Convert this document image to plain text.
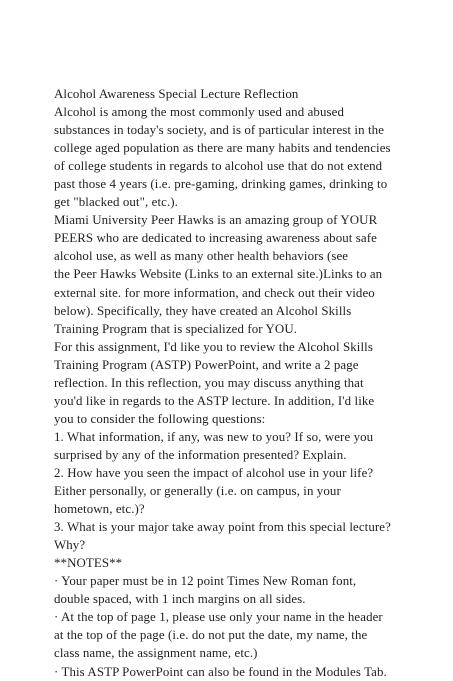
Alcohol Awareness Special Lecture Reflection
Alcohol is among the most commonly used and abused
substances in today's society, and is of particular interest in the
college aged population as there are many habits and tendencies
of college students in regards to alcohol use that do not extend
past those 4 years (i.e. pre-gaming, drinking games, drinking to
get "blacked out", etc.).
Miami University Peer Hawks is an amazing group of YOUR
PEERS who are dedicated to increasing awareness about safe
alcohol use, as well as many other health behaviors (see
the Peer Hawks Website (Links to an external site.)Links to an
external site. for more information, and check out their video
below). Specifically, they have created an Alcohol Skills
Training Program that is specialized for YOU.
For this assignment, I'd like you to review the Alcohol Skills
Training Program (ASTP) PowerPoint, and write a 2 page
reflection. In this reflection, you may discuss anything that
you'd like in regards to the ASTP lecture. In addition, I'd like
you to consider the following questions:
1. What information, if any, was new to you? If so, were you
surprised by any of the information presented? Explain.
2. How have you seen the impact of alcohol use in your life?
Either personally, or generally (i.e. on campus, in your
hometown, etc.)?
3. What is your major take away point from this special lecture?
Why?
**NOTES**
· Your paper must be in 12 point Times New Roman font,
double spaced, with 1 inch margins on all sides.
· At the top of page 1, please use only your name in the header
at the top of the page (i.e. do not put the date, my name, the
class name, the assignment name, etc.)
· This ASTP PowerPoint can also be found in the Modules Tab.
